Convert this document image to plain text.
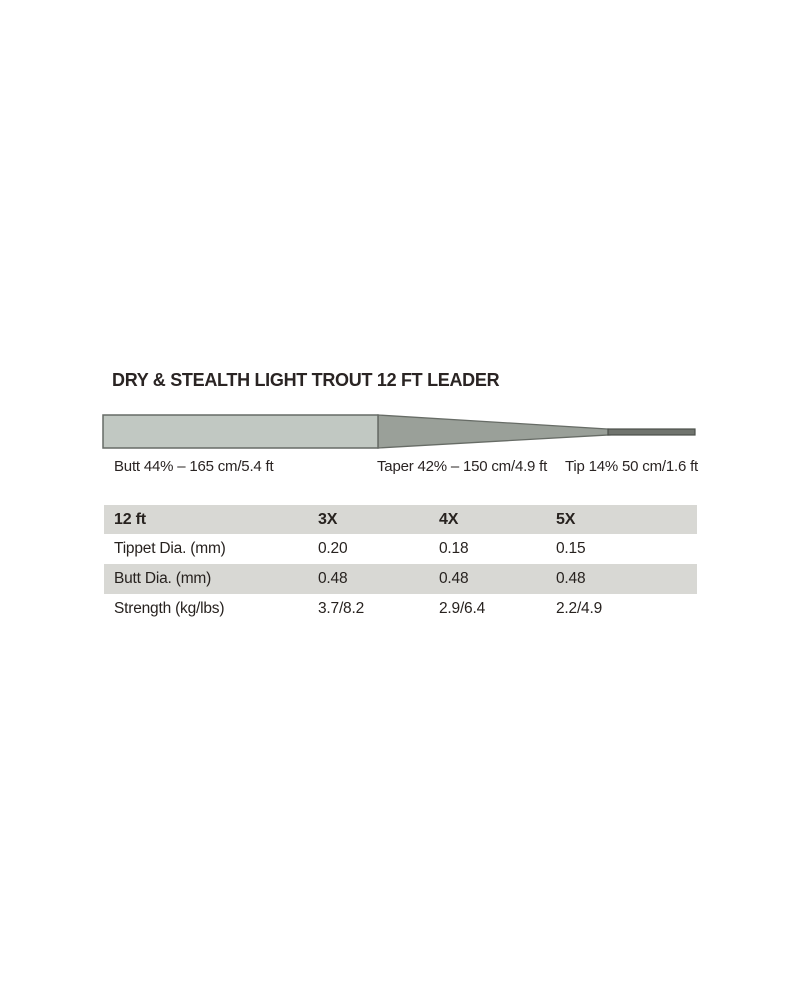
DRY & STEALTH LIGHT TROUT 12 FT LEADER
Butt 44% – 165 cm/5.4 ft	Taper 42% – 150 cm/4.9 ft Tip 14% 50 cm/1.6 ft
12 ft	3X	4X	5X
Tippet Dia. (mm)	0.20	0.18	0.15
Butt Dia. (mm)	0.48	0.48	0.48
Strength (kg/lbs)	3.7/8.2	2.9/6.4	2.2/4.9
